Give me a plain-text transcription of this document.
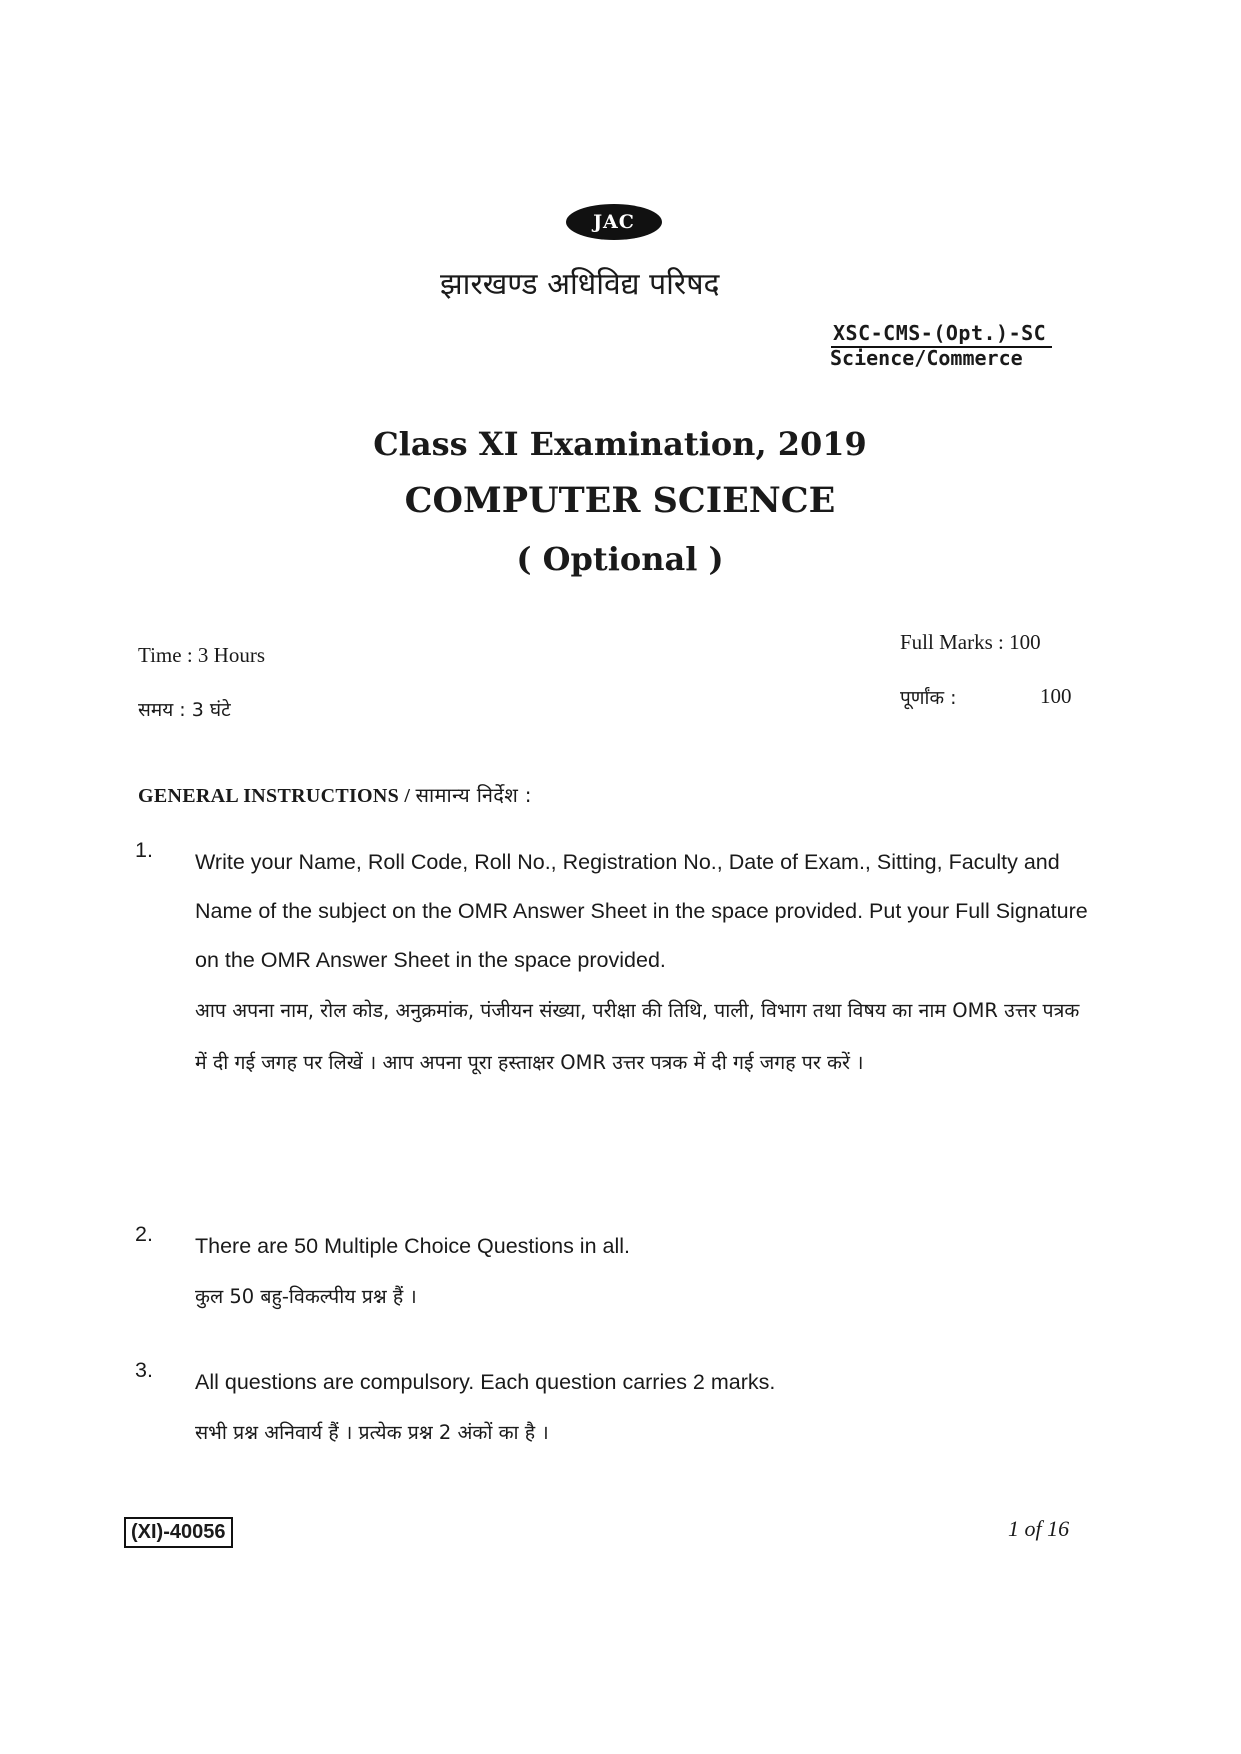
JAC
झारखण्ड अधिविद्य परिषद
XSC-CMS-(Opt.)-SC
Science/Commerce
Class XI Examination, 2019
COMPUTER SCIENCE
( Optional )
Time : 3 Hours
समय : 3 घंटे
Full Marks : 100
पूर्णांक :	100
GENERAL INSTRUCTIONS / सामान्य निर्देश :
1. Write your Name, Roll Code, Roll No., Registration No., Date of Exam., Sitting, Faculty and Name of the subject on the OMR Answer Sheet in the space provided. Put your Full Signature on the OMR Answer Sheet in the space provided.
आप अपना नाम, रोल कोड, अनुक्रमांक, पंजीयन संख्या, परीक्षा की तिथि, पाली, विभाग तथा विषय का नाम OMR उत्तर पत्रक में दी गई जगह पर लिखें । आप अपना पूरा हस्ताक्षर OMR उत्तर पत्रक में दी गई जगह पर करें ।
2. There are 50 Multiple Choice Questions in all.
कुल 50 बहु-विकल्पीय प्रश्न हैं ।
3. All questions are compulsory. Each question carries 2 marks.
सभी प्रश्न अनिवार्य हैं । प्रत्येक प्रश्न 2 अंकों का है ।
(XI)-40056	1 of 16
